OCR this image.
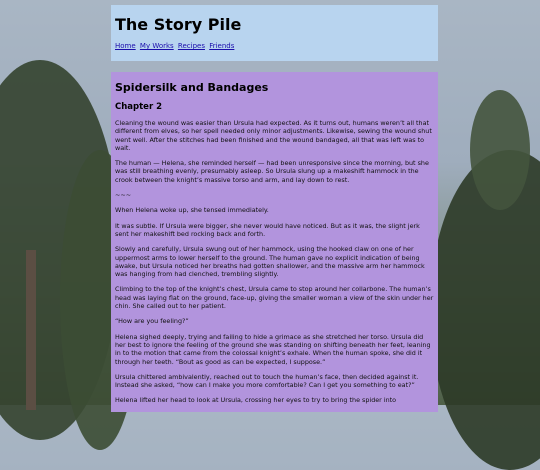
The Story Pile
Home My Works Recipes Friends
Spidersilk and Bandages
Chapter 2

Cleaning the wound was easier than Ursula had expected. As it turns out, humans weren’t all that different from elves, so her spell needed only minor adjustments. Likewise, sewing the wound shut went well. After the stitches had been finished and the wound bandaged, all that was left was to wait.

The human — Helena, she reminded herself — had been unresponsive since the morning, but she was still breathing evenly, presumably asleep. So Ursula slung up a makeshift hammock in the crook between the knight’s massive torso and arm, and lay down to rest.

~~~

When Helena woke up, she tensed immediately.

It was subtle. If Ursula were bigger, she never would have noticed. But as it was, the slight jerk sent her makeshift bed rocking back and forth.

Slowly and carefully, Ursula swung out of her hammock, using the hooked claw on one of her uppermost arms to lower herself to the ground. The human gave no explicit indication of being awake, but Ursula noticed her breaths had gotten shallower, and the massive arm her hammock was hanging from had clenched, trembling slightly.

Climbing to the top of the knight’s chest, Ursula came to stop around her collarbone. The human’s head was laying flat on the ground, face-up, giving the smaller woman a view of the skin under her chin. She called out to her patient.

“How are you feeling?”

Helena sighed deeply, trying and failing to hide a grimace as she stretched her torso. Ursula did her best to ignore the feeling of the ground she was standing on shifting beneath her feet, leaning in to the motion that came from the colossal knight’s exhale. When the human spoke, she did it through her teeth. “Bout as good as can be expected, I suppose.”

Ursula chittered ambivalently, reached out to touch the human’s face, then decided against it. Instead she asked, “how can I make you more comfortable? Can I get you something to eat?”

Helena lifted her head to look at Ursula, crossing her eyes to try to bring the spider into
